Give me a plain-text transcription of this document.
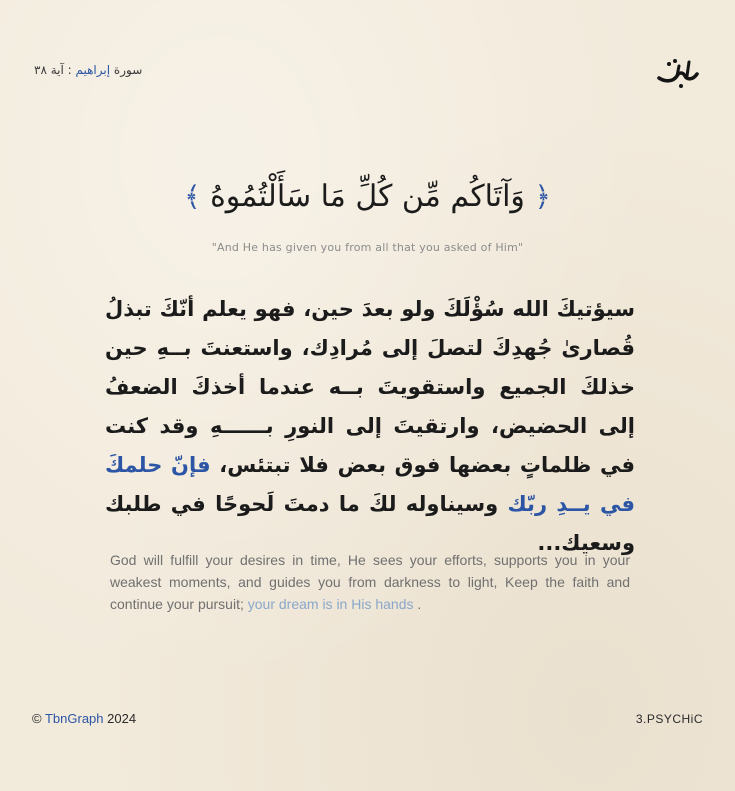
سورة إبراهيم : آية ٣٨
﴿ وَآتَاكُم مِّن كُلِّ مَا سَأَلْتُمُوهُ ﴾
"And He has given you from all that you asked of Him"
سيؤتيكَ الله سُؤْلَكَ ولو بعدَ حين، فهو يعلم أنّكَ تبذلُ قُصارىٰ جُهدِكَ لتصلَ إلى مُرادِك، واستعنتَ بــهِ حين خذلكَ الجميع واستقويتَ بــه عندما أخذكَ الضعفُ إلى الحضيض، وارتقيتَ إلى النورِ بــــــهِ وقد كنت في ظلماتٍ بعضها فوق بعض فلا تبتئس، فإنّ حلمكَ في يــدِ ربّك وسيناوله لكَ ما دمتَ لَحوحًا في طلبك وسعيك...
God will fulfill your desires in time, He sees your efforts, supports you in your weakest moments, and guides you from darkness to light, Keep the faith and continue your pursuit; your dream is in His hands .
© TbnGraph 2024	3.PSYCHiC
